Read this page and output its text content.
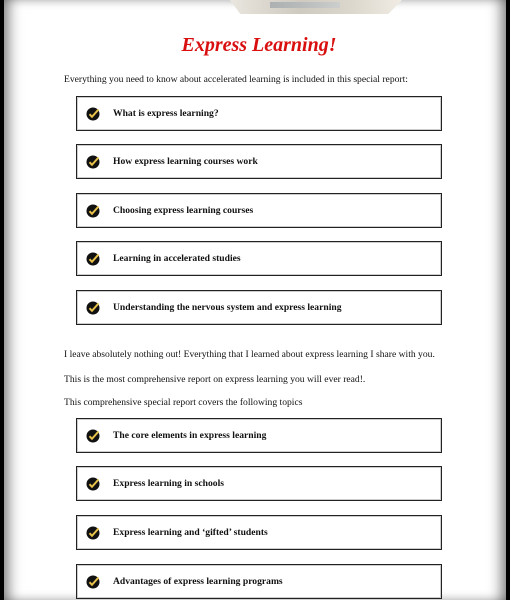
Express Learning!
Everything you need to know about accelerated learning is included in this special report:
What is express learning?
How express learning courses work
Choosing express learning courses
Learning in accelerated studies
Understanding the nervous system and express learning
I leave absolutely nothing out! Everything that I learned about express learning I share with you.
This is the most comprehensive report on express learning you will ever read!.
This comprehensive special report covers the following topics
The core elements in express learning
Express learning in schools
Express learning and ‘gifted’ students
Advantages of express learning programs
